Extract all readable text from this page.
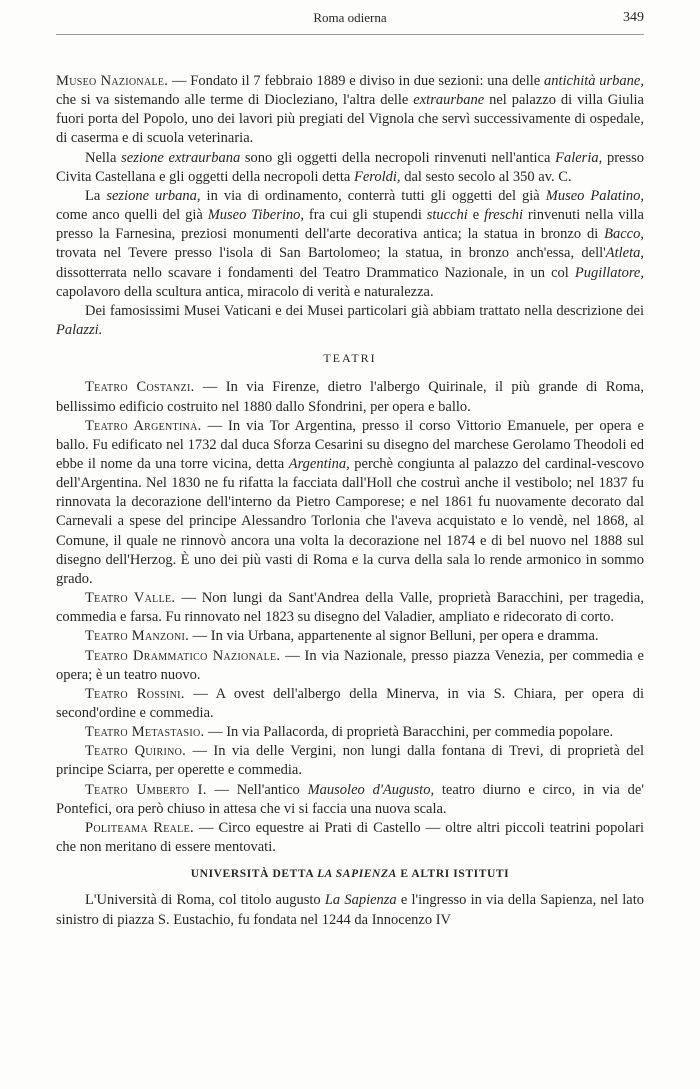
Roma odierna	349

Museo Nazionale. — Fondato il 7 febbraio 1889 e diviso in due sezioni: una delle antichità urbane, che si va sistemando alle terme di Diocleziano, l'altra delle extraurbane nel palazzo di villa Giulia fuori porta del Popolo, uno dei lavori più pregiati del Vignola che servì successivamente di ospedale, di caserma e di scuola veterinaria.

Nella sezione extraurbana sono gli oggetti della necropoli rinvenuti nell'antica Faleria, presso Civita Castellana e gli oggetti della necropoli detta Feroldi, dal sesto secolo al 350 av. C.

La sezione urbana, in via di ordinamento, conterrà tutti gli oggetti del già Museo Palatino, come anco quelli del già Museo Tiberino, fra cui gli stupendi stucchi e freschi rinvenuti nella villa presso la Farnesina, preziosi monumenti dell'arte decorativa antica; la statua in bronzo di Bacco, trovata nel Tevere presso l'isola di San Bartolomeo; la statua, in bronzo anch'essa, dell'Atleta, dissotterrata nello scavare i fondamenti del Teatro Drammatico Nazionale, in un col Pugillatore, capolavoro della scultura antica, miracolo di verità e naturalezza.

Dei famosissimi Musei Vaticani e dei Musei particolari già abbiam trattato nella descrizione dei Palazzi.

TEATRI

Teatro Costanzi. — In via Firenze, dietro l'albergo Quirinale, il più grande di Roma, bellissimo edificio costruito nel 1880 dallo Sfondrini, per opera e ballo.

Teatro Argentina. — In via Tor Argentina, presso il corso Vittorio Emanuele, per opera e ballo. Fu edificato nel 1732 dal duca Sforza Cesarini su disegno del marchese Gerolamo Theodoli ed ebbe il nome da una torre vicina, detta Argentina, perchè congiunta al palazzo del cardinal-vescovo dell'Argentina. Nel 1830 ne fu rifatta la facciata dall'Holl che costruì anche il vestibolo; nel 1837 fu rinnovata la decorazione dell'interno da Pietro Camporese; e nel 1861 fu nuovamente decorato dal Carnevali a spese del principe Alessandro Torlonia che l'aveva acquistato e lo vendè, nel 1868, al Comune, il quale ne rinnovò ancora una volta la decorazione nel 1874 e di bel nuovo nel 1888 sul disegno dell'Herzog. È uno dei più vasti di Roma e la curva della sala lo rende armonico in sommo grado.

Teatro Valle. — Non lungi da Sant'Andrea della Valle, proprietà Baracchini, per tragedia, commedia e farsa. Fu rinnovato nel 1823 su disegno del Valadier, ampliato e ridecorato di corto.

Teatro Manzoni. — In via Urbana, appartenente al signor Belluni, per opera e dramma.

Teatro Drammatico Nazionale. — In via Nazionale, presso piazza Venezia, per commedia e opera; è un teatro nuovo.

Teatro Rossini. — A ovest dell'albergo della Minerva, in via S. Chiara, per opera di second'ordine e commedia.

Teatro Metastasio. — In via Pallacorda, di proprietà Baracchini, per commedia popolare.

Teatro Quirino. — In via delle Vergini, non lungi dalla fontana di Trevi, di proprietà del principe Sciarra, per operette e commedia.

Teatro Umberto I. — Nell'antico Mausoleo d'Augusto, teatro diurno e circo, in via de' Pontefici, ora però chiuso in attesa che vi si faccia una nuova scala.

Politeama Reale. — Circo equestre ai Prati di Castello — oltre altri piccoli teatrini popolari che non meritano di essere mentovati.

UNIVERSITÀ DETTA LA SAPIENZA E ALTRI ISTITUTI

L'Università di Roma, col titolo augusto La Sapienza e l'ingresso in via della Sapienza, nel lato sinistro di piazza S. Eustachio, fu fondata nel 1244 da Innocenzo IV
